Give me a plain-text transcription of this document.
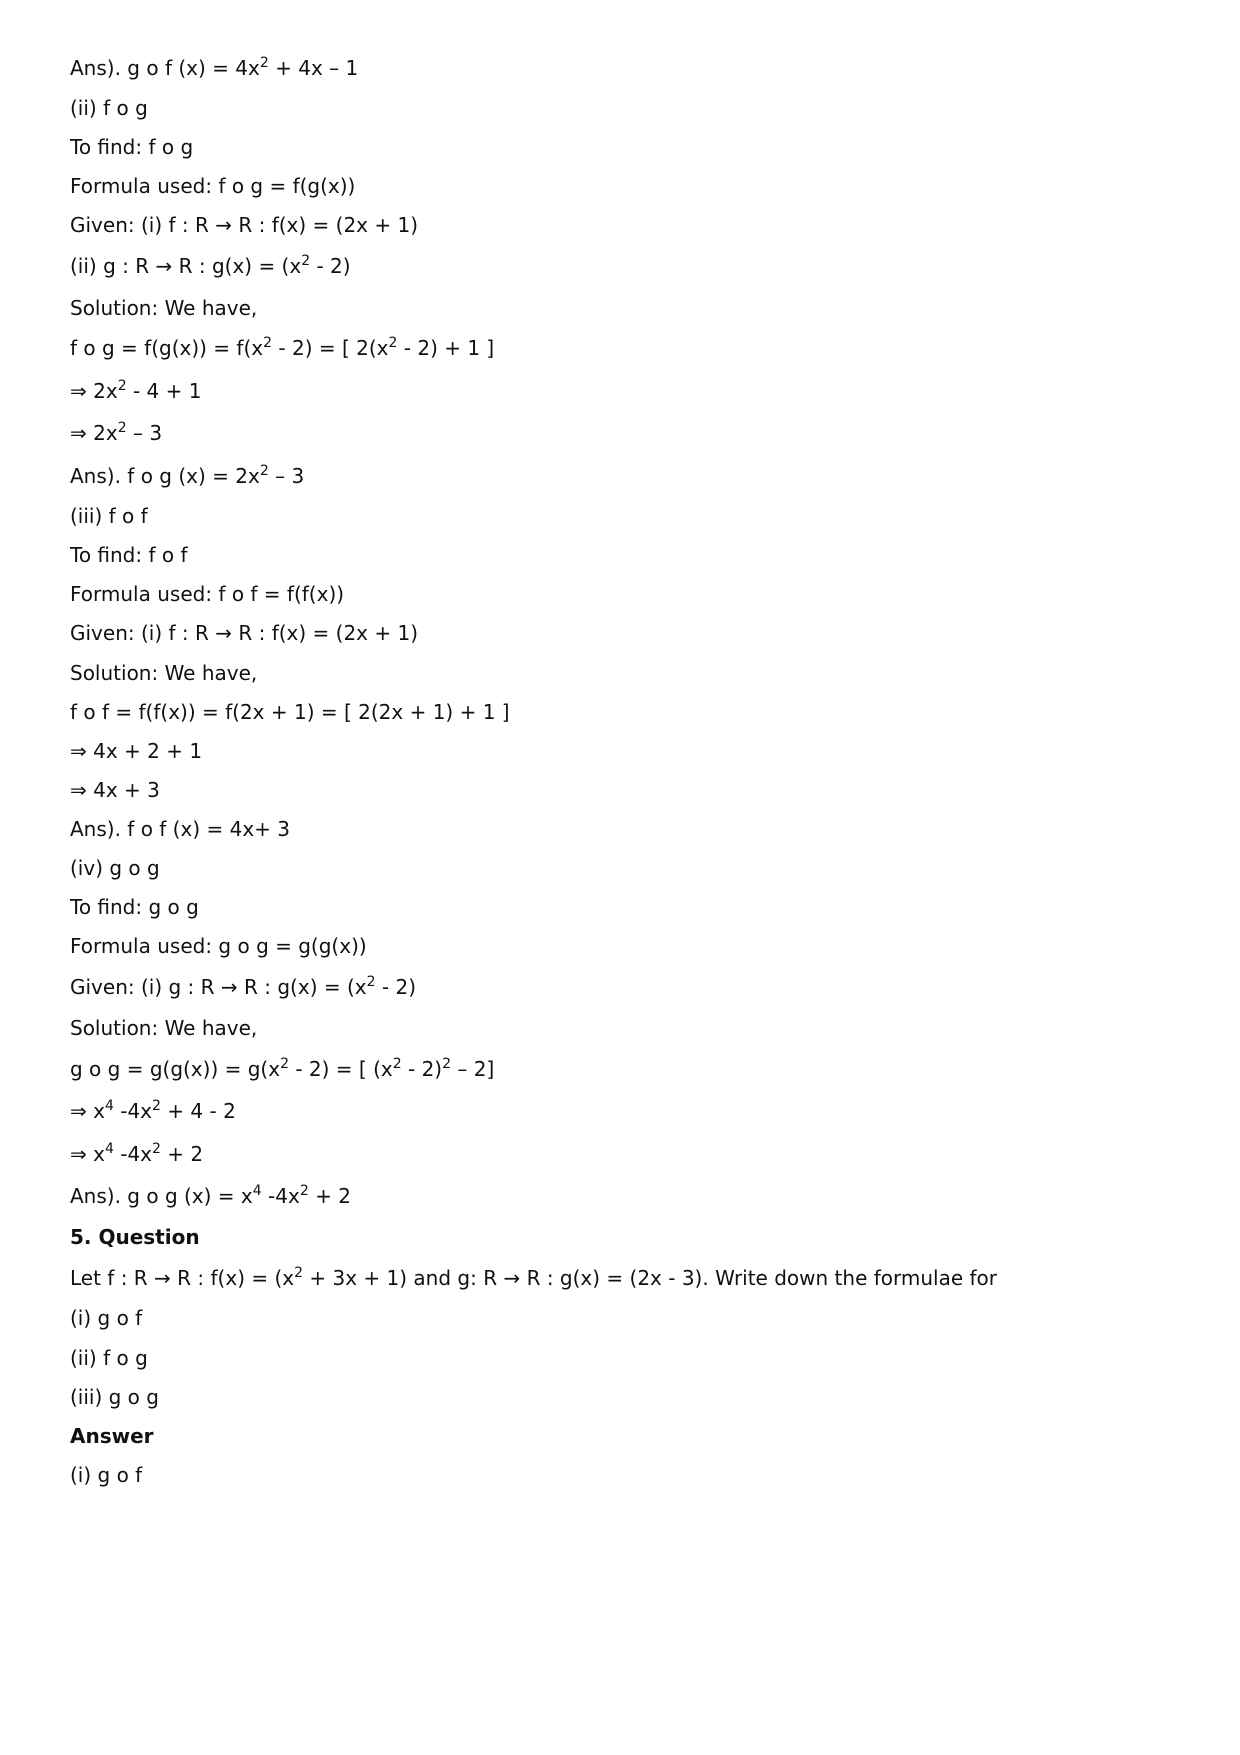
Ans). g o f $(x) = 4x^2 + 4x - 1$
(ii) f o g
To find: f o g
Formula used: f o g = f(g(x))
Given: (i) f : R → R : f(x) = (2x + 1)
(ii) g : R → R : $g(x) = (x^2 - 2)$
Solution: We have,
f o $g = f(g(x)) = f(x^2 - 2)$ = [ $2(x^2 - 2) + 1$ ]
⇒ $2x^2 - 4 + 1$
⇒ $2x^2 - 3$
Ans). f o g $(x) = 2x^2 - 3$
(iii) f o f
To find: f o f
Formula used: f o f = f(f(x))
Given: (i) f : R → R : f(x) = (2x + 1)
Solution: We have,
f o f = f(f(x)) = f(2x + 1) = [ 2(2x + 1) + 1 ]
⇒ 4x + 2 + 1
⇒ 4x + 3
Ans). f o f (x) = 4x+ 3
(iv) g o g
To find: g o g
Formula used: g o g = g(g(x))
Given: (i) g : R → R : $g(x) = (x^2 - 2)$
Solution: We have,
g o $g = g(g(x)) = g(x^2 - 2)$ = [ $(x^2 - 2)^2 - 2$]
⇒ $x^4$ $-4x^2 + 4 - 2$
⇒ $x^4$ $-4x^2 + 2$
Ans). g o g $(x) = x^4$ $-4x^2 + 2$
5. Question
Let f : R → R : $f(x) = (x^2 + 3x + 1)$ and g: R → R : g(x) = (2x - 3). Write down the formulae for
(i) g o f
(ii) f o g
(iii) g o g
Answer
(i) g o f
